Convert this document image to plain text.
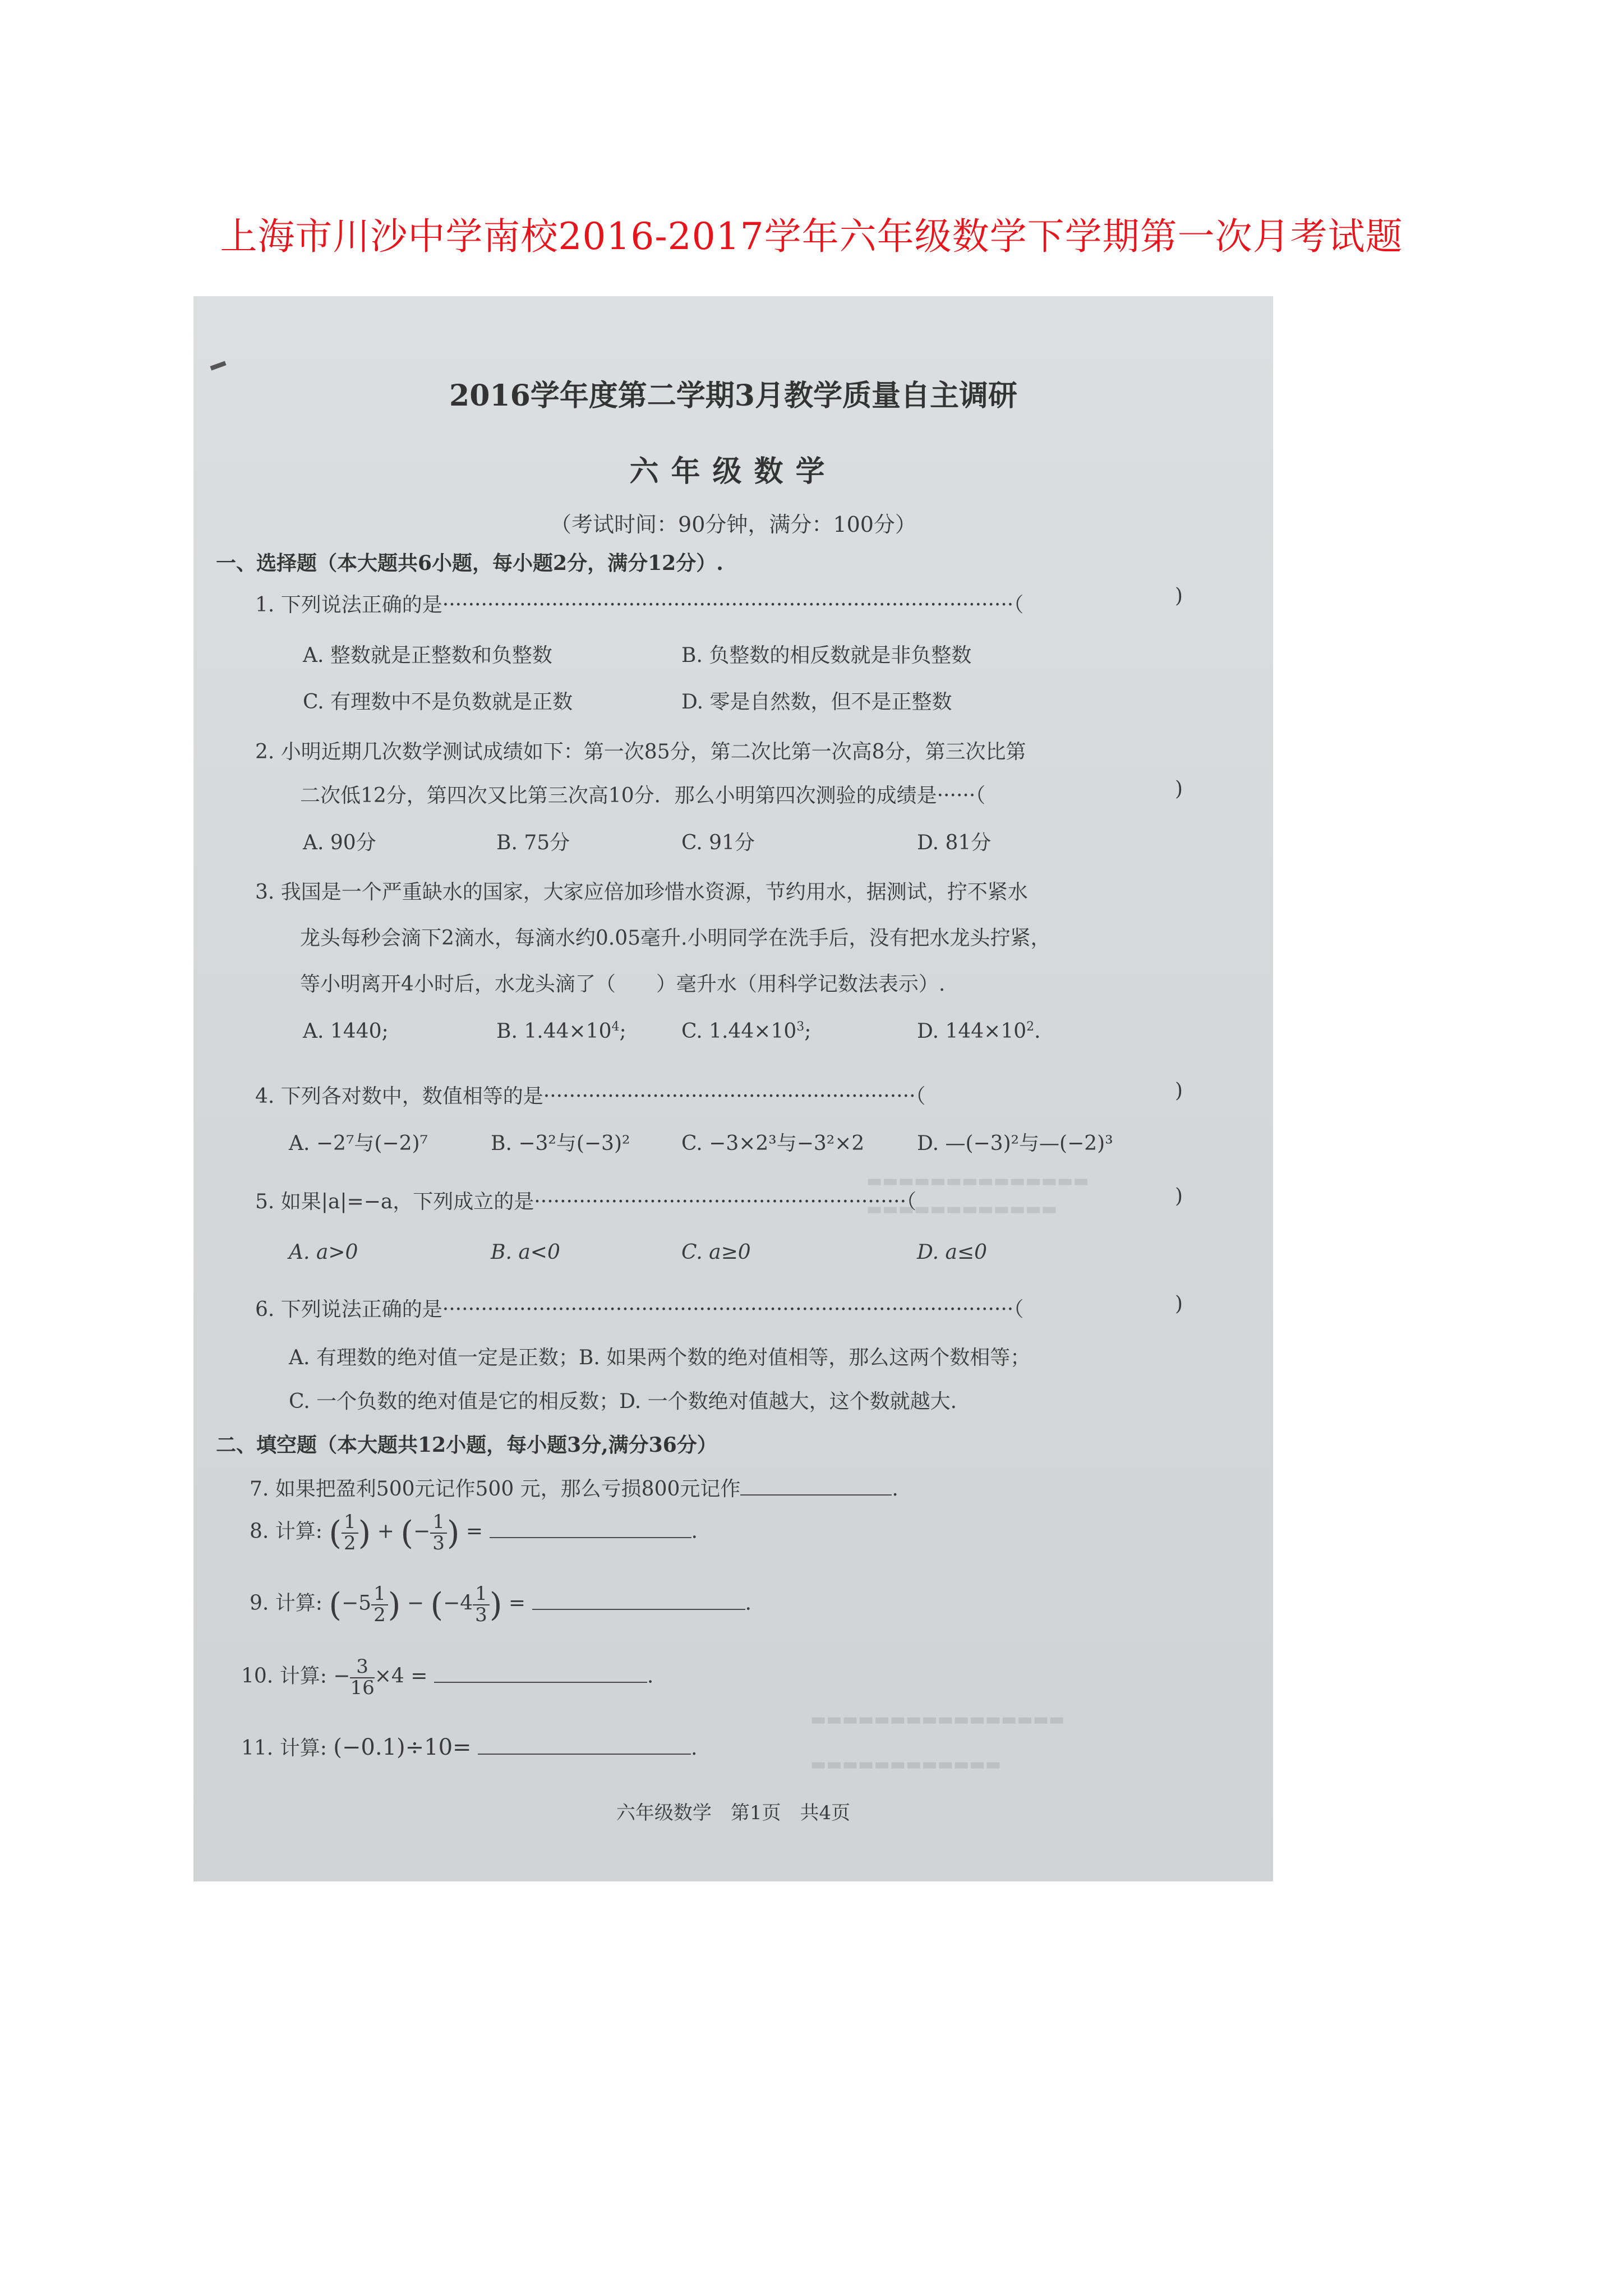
上海市川沙中学南校2016-2017学年六年级数学下学期第一次月考试题
▬▬▬▬▬▬▬▬▬▬▬▬▬▬
▬▬▬▬▬▬▬▬▬▬▬▬
▬▬▬▬▬▬▬▬▬▬▬▬▬▬▬▬
▬▬▬▬▬▬▬▬▬▬▬▬
2016学年度第二学期3月教学质量自主调研
六年级数学
（考试时间：90分钟，满分：100分）
一、选择题（本大题共6小题，每小题2分，满分12分）.
1. 下列说法正确的是·························································································（	)
A. 整数就是正整数和负整数	B. 负整数的相反数就是非负整数
C. 有理数中不是负数就是正数	D. 零是自然数，但不是正整数
2. 小明近期几次数学测试成绩如下：第一次85分，第二次比第一次高8分，第三次比第
二次低12分，第四次又比第三次高10分．那么小明第四次测验的成绩是······（	)
A. 90分	B. 75分	C. 91分	D. 81分
3. 我国是一个严重缺水的国家，大家应倍加珍惜水资源，节约用水，据测试，拧不紧水
龙头每秒会滴下2滴水，每滴水约0.05毫升.小明同学在洗手后，没有把水龙头拧紧，
等小明离开4小时后，水龙头滴了（　　）毫升水（用科学记数法表示）.
A. 1440;	B. $1.44\times 10^4$;	C. $1.44\times 10^3$;	D. $144\times 10^2$.
4. 下列各对数中，数值相等的是··························································（	)
A. −2⁷与(−2)⁷	B. −3²与(−3)²	C. −3×2³与−3²×2	D. —(−3)²与—(−2)³
5. 如果|a|=−a，下列成立的是··························································（	)
A. a>0	B. a<0	C. a≥0	D. a≤0
6. 下列说法正确的是·························································································（	)
A. 有理数的绝对值一定是正数；B. 如果两个数的绝对值相等，那么这两个数相等；
C. 一个负数的绝对值是它的相反数；D. 一个数绝对值越大，这个数就越大.
二、填空题（本大题共12小题，每小题3分,满分36分）
7. 如果把盈利500元记作500 元，那么亏损800元记作	.
8. 计算: ( $\frac{1}{2}$ ) + (− $\frac{1}{3}$ ) =	.
9. 计算: ($-5 \frac{1}{2}$ ) − ($-4 \frac{1}{3}$ ) =	.
10. 计算: − $\frac{3}{16} \times 4$ =	.
11. 计算: (−0.1)÷10=	.
六年级数学　第1页　共4页
